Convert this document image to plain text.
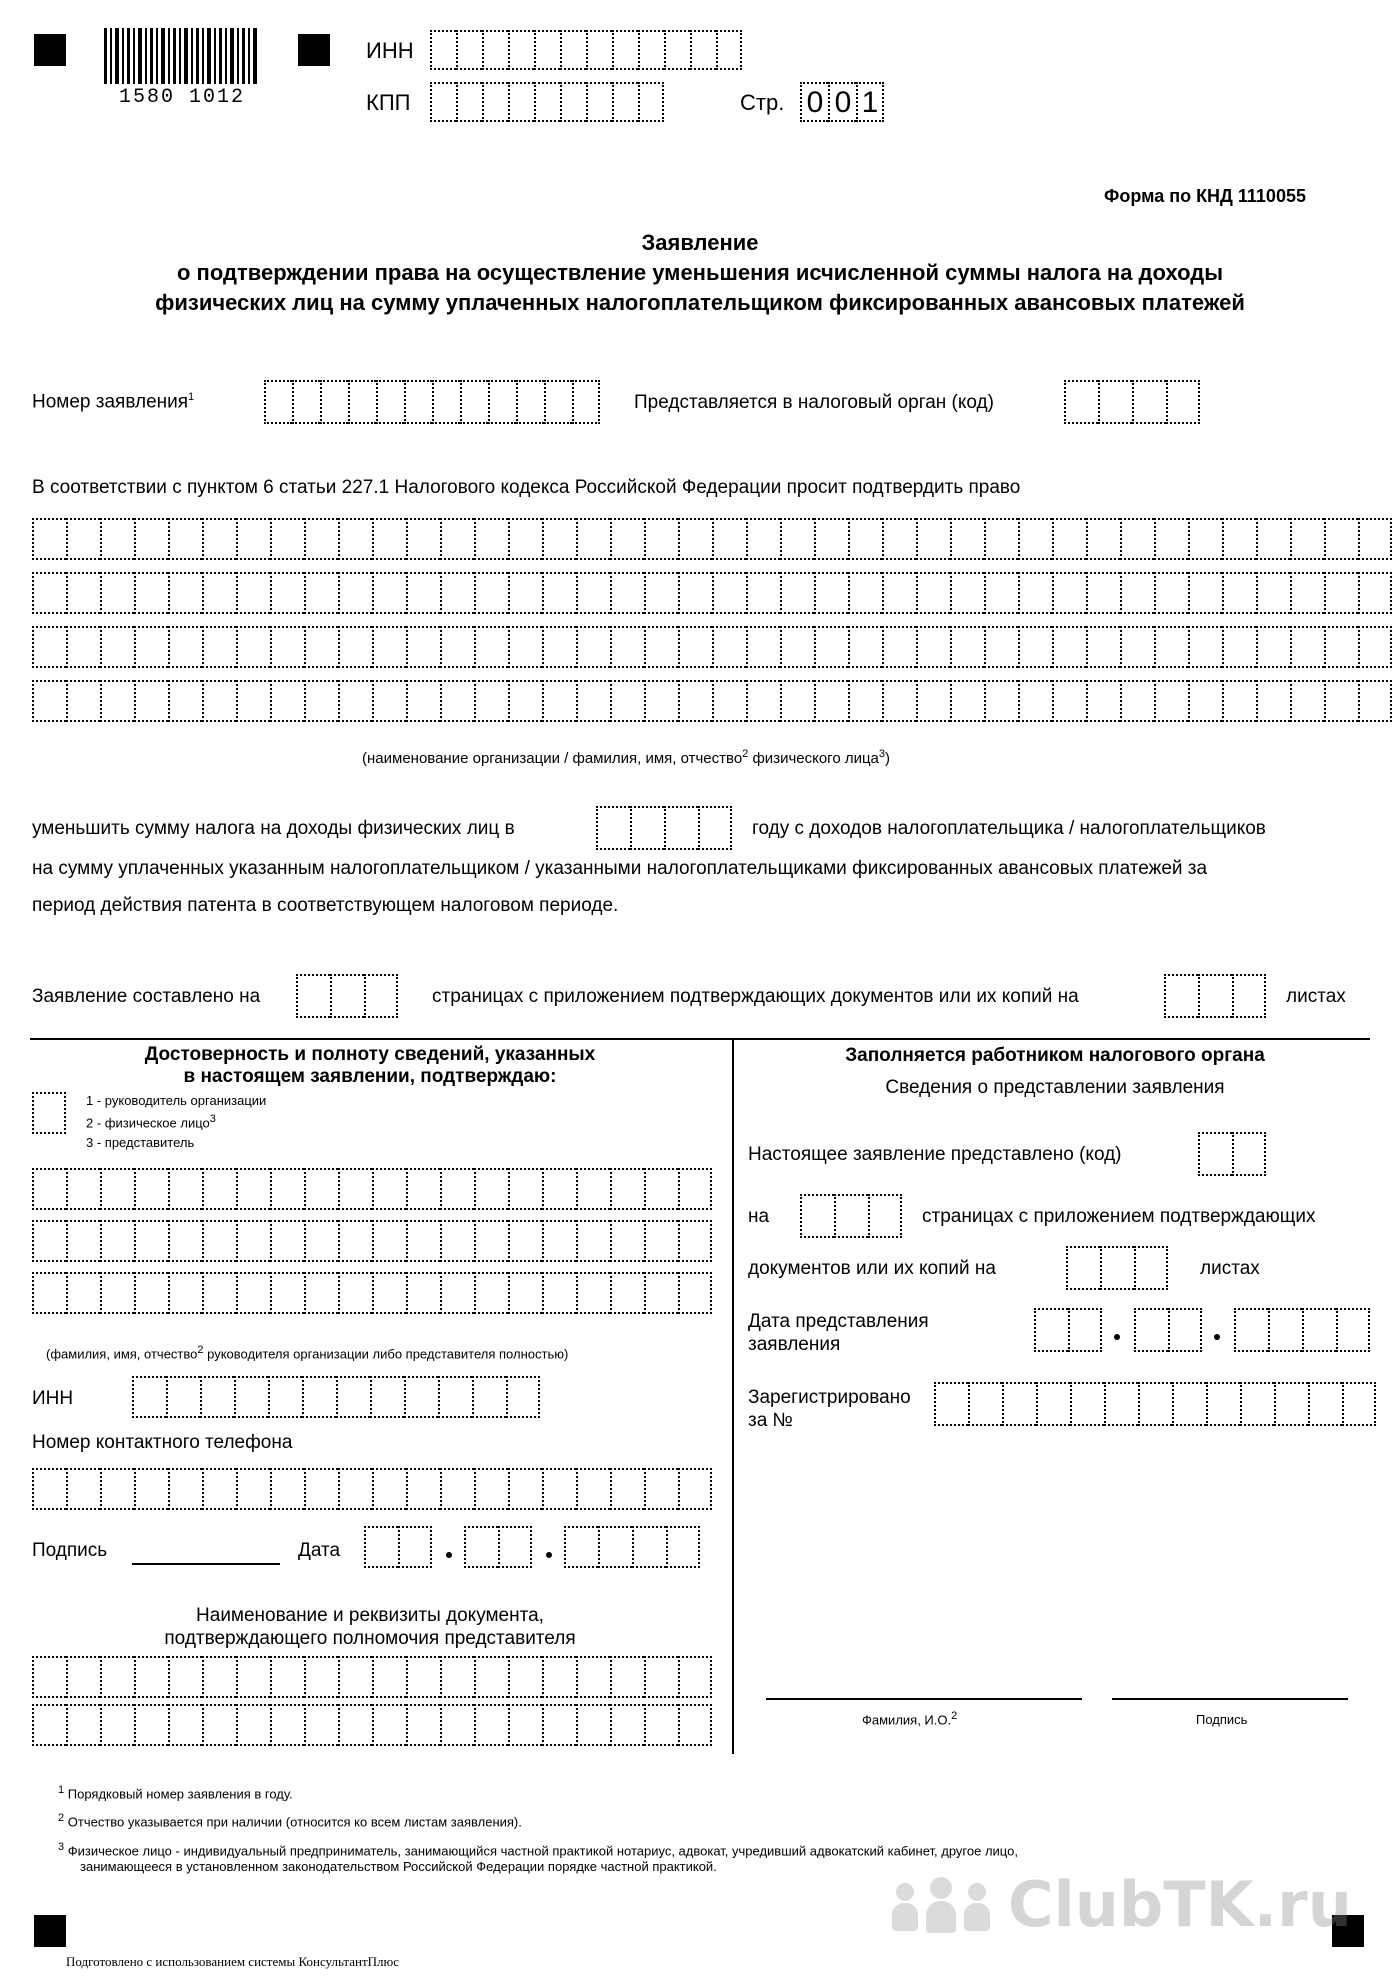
1580 1012
ИНН
КПП	Стр. 0 0 1
Форма по КНД 1110055
Заявление
о подтверждении права на осуществление уменьшения исчисленной суммы налога на доходы
физических лиц на сумму уплаченных налогоплательщиком фиксированных авансовых платежей
Номер заявления$^1$	Представляется в налоговый орган (код)
В соответствии с пунктом 6 статьи 227.1 Налогового кодекса Российской Федерации просит подтвердить право
(наименование организации / фамилия, имя, отчество$^2$ физического лица$^3$)
уменьшить сумму налога на доходы физических лиц в	году с доходов налогоплательщика / налогоплательщиков
на сумму уплаченных указанным налогоплательщиком / указанными налогоплательщиками фиксированных авансовых платежей за
период действия патента в соответствующем налоговом периоде.
Заявление составлено на	страницах с приложением подтверждающих документов или их копий на	листах
Достоверность и полноту сведений, указанных
в настоящем заявлении, подтверждаю:
1 - руководитель организации
2 - физическое лицо$^3$
3 - представитель
(фамилия, имя, отчество$^2$ руководителя организации либо представителя полностью)
ИНН
Номер контактного телефона
Подпись	Дата
Наименование и реквизиты документа,
подтверждающего полномочия представителя
Заполняется работником налогового органа
Сведения о представлении заявления
Настоящее заявление представлено (код)
на	страницах с приложением подтверждающих
документов или их копий на	листах
Дата представления
заявления
Зарегистрировано
за №
Фамилия, И.О.$^2$	Подпись
$^1$ Порядковый номер заявления в году.
$^2$ Отчество указывается при наличии (относится ко всем листам заявления).
$^3$ Физическое лицо - индивидуальный предприниматель, занимающийся частной практикой нотариус, адвокат, учредивший адвокатский кабинет, другое лицо,
занимающееся в установленном законодательством Российской Федерации порядке частной практикой.
ClubTK.ru
Подготовлено с использованием системы КонсультантПлюс
